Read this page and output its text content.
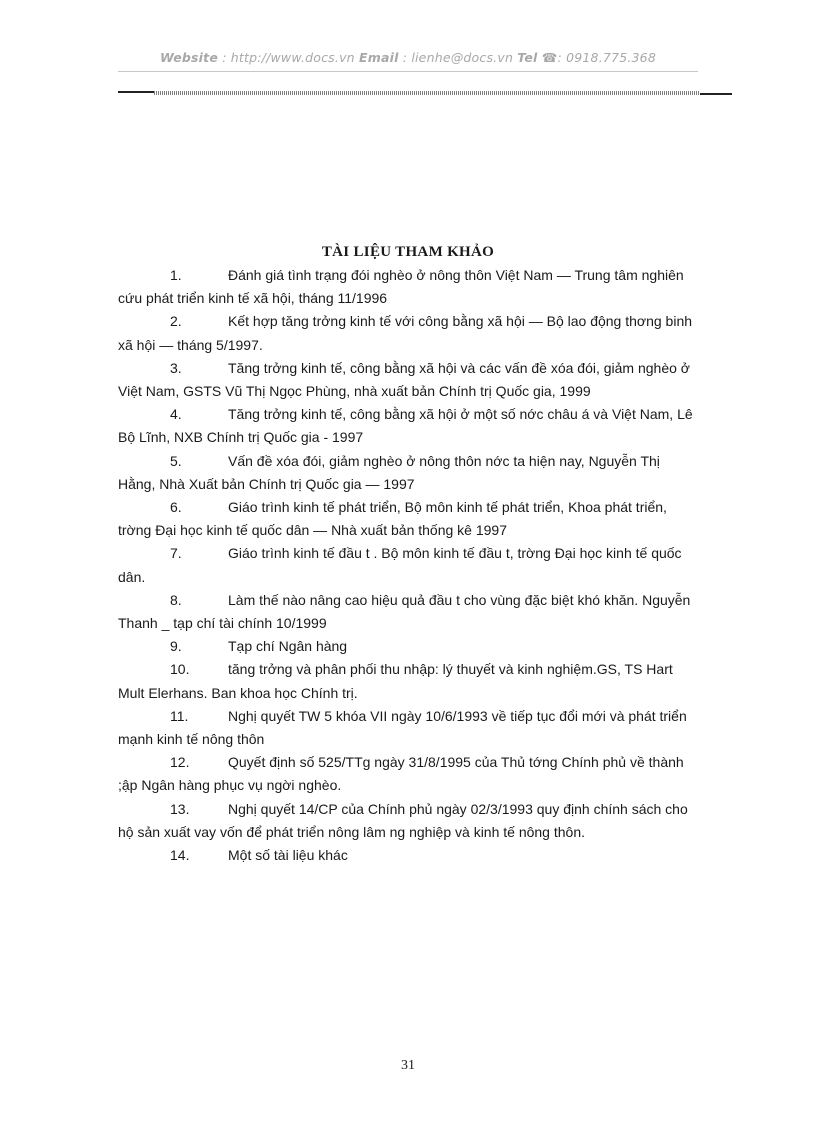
Website : http://www.docs.vn Email : lienhe@docs.vn Tel ☎: 0918.775.368
TÀI LIỆU THAM KHẢO

1.	Đánh giá tình trạng đói nghèo ở nông thôn Việt Nam — Trung tâm nghiên cứu phát triển kinh tế xã hội, tháng 11/1996

2.	Kết hợp tăng trởng kinh tế với công bằng xã hội — Bộ lao động thơng binh xã hội — tháng 5/1997.

3.	Tăng trởng kinh tế, công bằng xã hội và các vấn đề xóa đói, giảm nghèo ở Việt Nam, GSTS Vũ Thị Ngọc Phùng, nhà xuất bản Chính trị Quốc gia, 1999

4.	Tăng trởng kinh tế, công bằng xã hội ở một số nớc châu á và Việt Nam, Lê Bộ Lĩnh, NXB Chính trị Quốc gia - 1997

5.	Vấn đề xóa đói, giảm nghèo ở nông thôn nớc ta hiện nay, Nguyễn Thị Hằng, Nhà Xuất bản Chính trị Quốc gia — 1997

6.	Giáo trình kinh tế phát triển, Bộ môn kinh tế phát triển, Khoa phát triển, trờng Đại học kinh tế quốc dân — Nhà xuất bản thống kê 1997

7.	Giáo trình kinh tế đầu t . Bộ môn kinh tế đầu t, trờng Đại học kinh tế quốc dân.

8.	Làm thế nào nâng cao hiệu quả đầu t cho vùng đặc biệt khó khăn. Nguyễn Thanh _ tạp chí tài chính 10/1999

9.	Tạp chí Ngân hàng

10.	tăng trởng và phân phối thu nhập: lý thuyết và kinh nghiệm.GS, TS Hart Mult Elerhans. Ban khoa học Chính trị.

11.	Nghị quyết TW 5 khóa VII ngày 10/6/1993 về tiếp tục đổi mới và phát triển mạnh kinh tế nông thôn

12.	Quyết định số 525/TTg ngày 31/8/1995 của Thủ tớng Chính phủ về thành ;ập Ngân hàng phục vụ ngời nghèo.

13.	Nghị quyết 14/CP của Chính phủ ngày 02/3/1993 quy định chính sách cho hộ sản xuất vay vốn để phát triển nông lâm ng nghiệp và kinh tế nông thôn.

14.	Một số tài liệu khác

31
